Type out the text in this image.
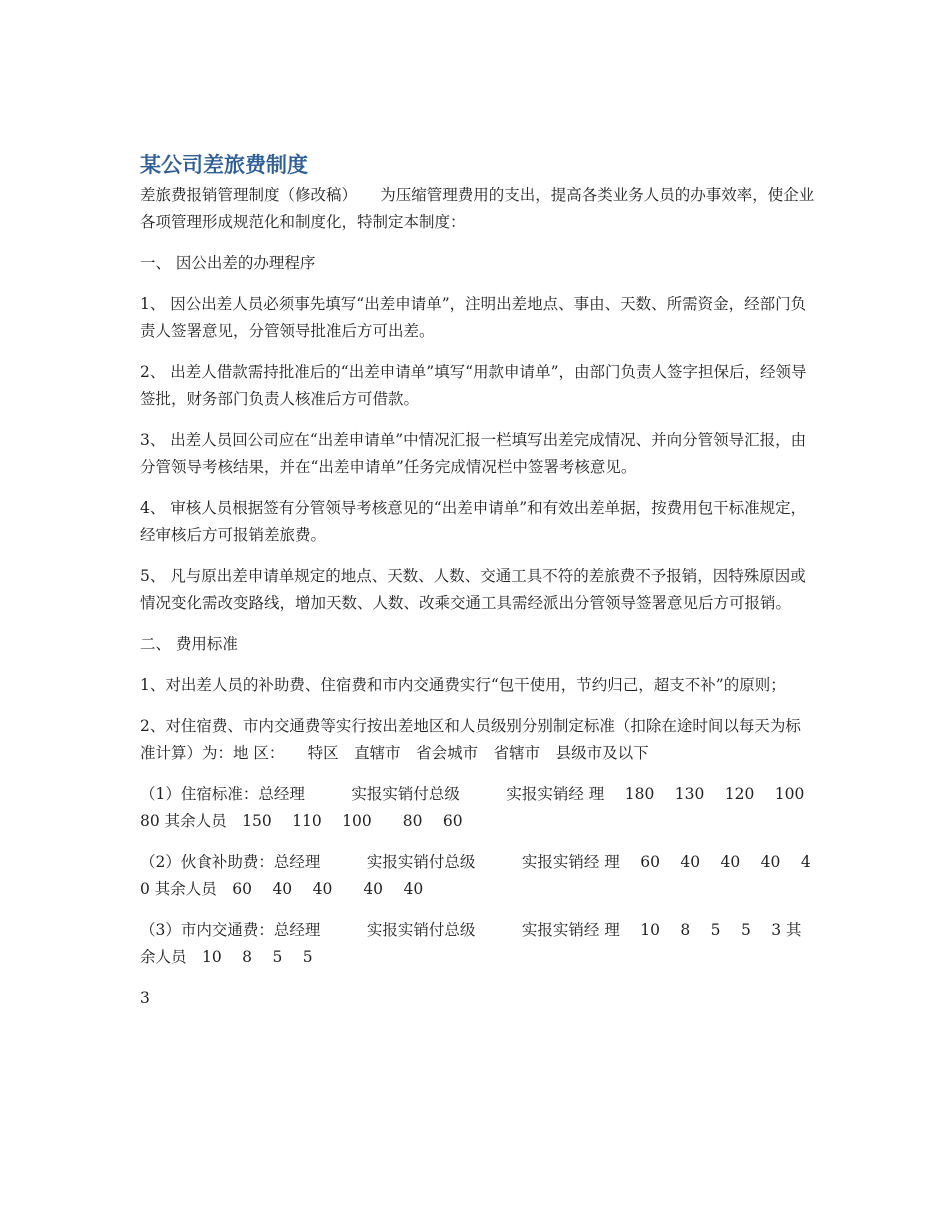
某公司差旅费制度
差旅费报销管理制度（修改稿）　　为压缩管理费用的支出，提高各类业务人员的办事效率，使企业各项管理形成规范化和制度化，特制定本制度：
一、 因公出差的办理程序
1、 因公出差人员必须事先填写“出差申请单”，注明出差地点、事由、天数、所需资金，经部门负责人签署意见，分管领导批准后方可出差。
2、 出差人借款需持批准后的“出差申请单”填写“用款申请单”，由部门负责人签字担保后，经领导签批，财务部门负责人核准后方可借款。
3、 出差人员回公司应在“出差申请单”中情况汇报一栏填写出差完成情况、并向分管领导汇报，由分管领导考核结果，并在“出差申请单”任务完成情况栏中签署考核意见。
4、 审核人员根据签有分管领导考核意见的“出差申请单”和有效出差单据，按费用包干标准规定，经审核后方可报销差旅费。
5、 凡与原出差申请单规定的地点、天数、人数、交通工具不符的差旅费不予报销，因特殊原因或情况变化需改变路线，增加天数、人数、改乘交通工具需经派出分管领导签署意见后方可报销。
二、 费用标准
1、对出差人员的补助费、住宿费和市内交通费实行“包干使用，节约归己，超支不补”的原则；
2、对住宿费、市内交通费等实行按出差地区和人员级别分别制定标准（扣除在途时间以每天为标准计算）为：地 区：　　特区　直辖市　省会城市　省辖市　县级市及以下
（1）住宿标准：总经理　　　实报实销付总级　　　实报实销经 理　 180　 130　 120　 100　 80 其余人员　150　 110　 100　　80　 60
（2）伙食补助费：总经理　　　实报实销付总级　　　实报实销经 理　 60　 40　 40　 40　 40 其余人员　60　 40　 40　　40　 40
（3）市内交通费：总经理　　　实报实销付总级　　　实报实销经 理　 10　 8　 5　 5　 3 其余人员　10　 8　 5　 5
3
